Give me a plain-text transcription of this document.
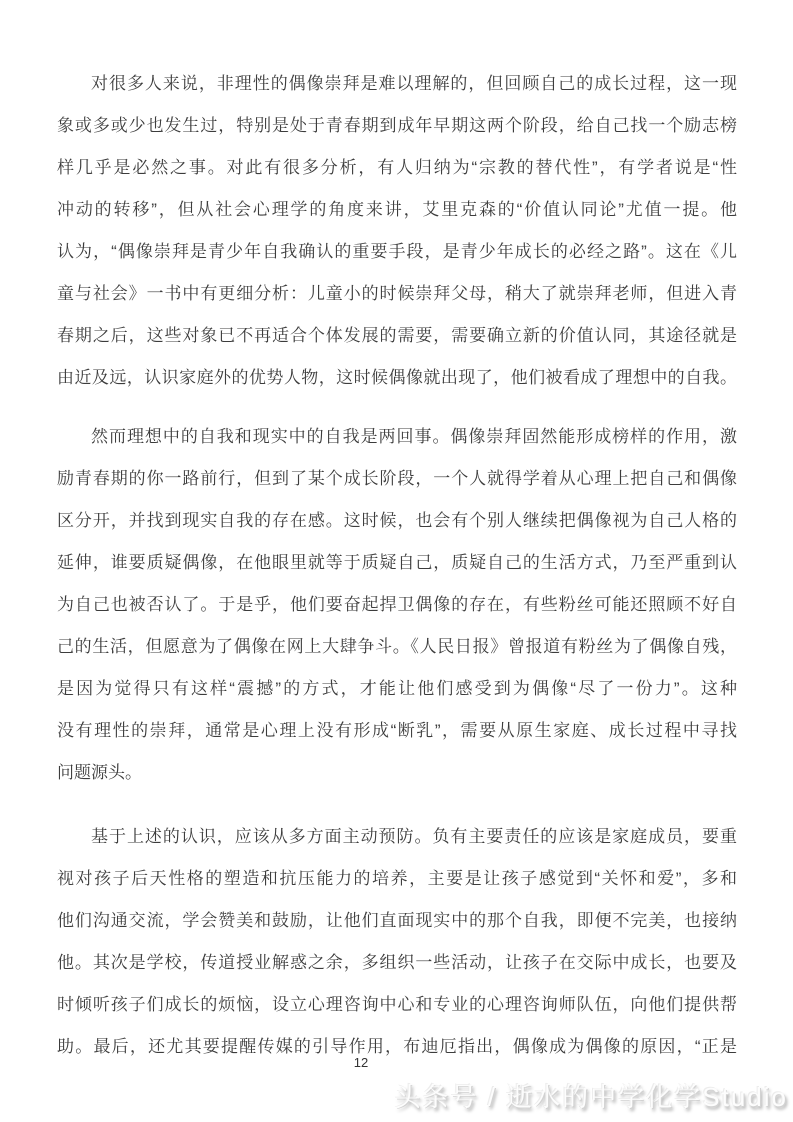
对很多人来说，非理性的偶像崇拜是难以理解的，但回顾自己的成长过程，这一现
象或多或少也发生过，特别是处于青春期到成年早期这两个阶段，给自己找一个励志榜
样几乎是必然之事。对此有很多分析，有人归纳为“宗教的替代性”，有学者说是“性
冲动的转移”，但从社会心理学的角度来讲，艾里克森的“价值认同论”尤值一提。他
认为，“偶像崇拜是青少年自我确认的重要手段，是青少年成长的必经之路”。这在《儿
童与社会》一书中有更细分析：儿童小的时候崇拜父母，稍大了就崇拜老师，但进入青
春期之后，这些对象已不再适合个体发展的需要，需要确立新的价值认同，其途径就是
由近及远，认识家庭外的优势人物，这时候偶像就出现了，他们被看成了理想中的自我。
然而理想中的自我和现实中的自我是两回事。偶像崇拜固然能形成榜样的作用，激
励青春期的你一路前行，但到了某个成长阶段，一个人就得学着从心理上把自己和偶像
区分开，并找到现实自我的存在感。这时候，也会有个别人继续把偶像视为自己人格的
延伸，谁要质疑偶像，在他眼里就等于质疑自己，质疑自己的生活方式，乃至严重到认
为自己也被否认了。于是乎，他们要奋起捍卫偶像的存在，有些粉丝可能还照顾不好自
己的生活，但愿意为了偶像在网上大肆争斗。《人民日报》曾报道有粉丝为了偶像自残，
是因为觉得只有这样“震撼”的方式，才能让他们感受到为偶像“尽了一份力”。这种
没有理性的崇拜，通常是心理上没有形成“断乳”，需要从原生家庭、成长过程中寻找
问题源头。
基于上述的认识，应该从多方面主动预防。负有主要责任的应该是家庭成员，要重
视对孩子后天性格的塑造和抗压能力的培养，主要是让孩子感觉到“关怀和爱”，多和
他们沟通交流，学会赞美和鼓励，让他们直面现实中的那个自我，即便不完美，也接纳
他。其次是学校，传道授业解惑之余，多组织一些活动，让孩子在交际中成长，也要及
时倾听孩子们成长的烦恼，设立心理咨询中心和专业的心理咨询师队伍，向他们提供帮
助。最后，还尤其要提醒传媒的引导作用，布迪厄指出，偶像成为偶像的原因，“正是
12
头条号 / 逝水的中学化学Studio
